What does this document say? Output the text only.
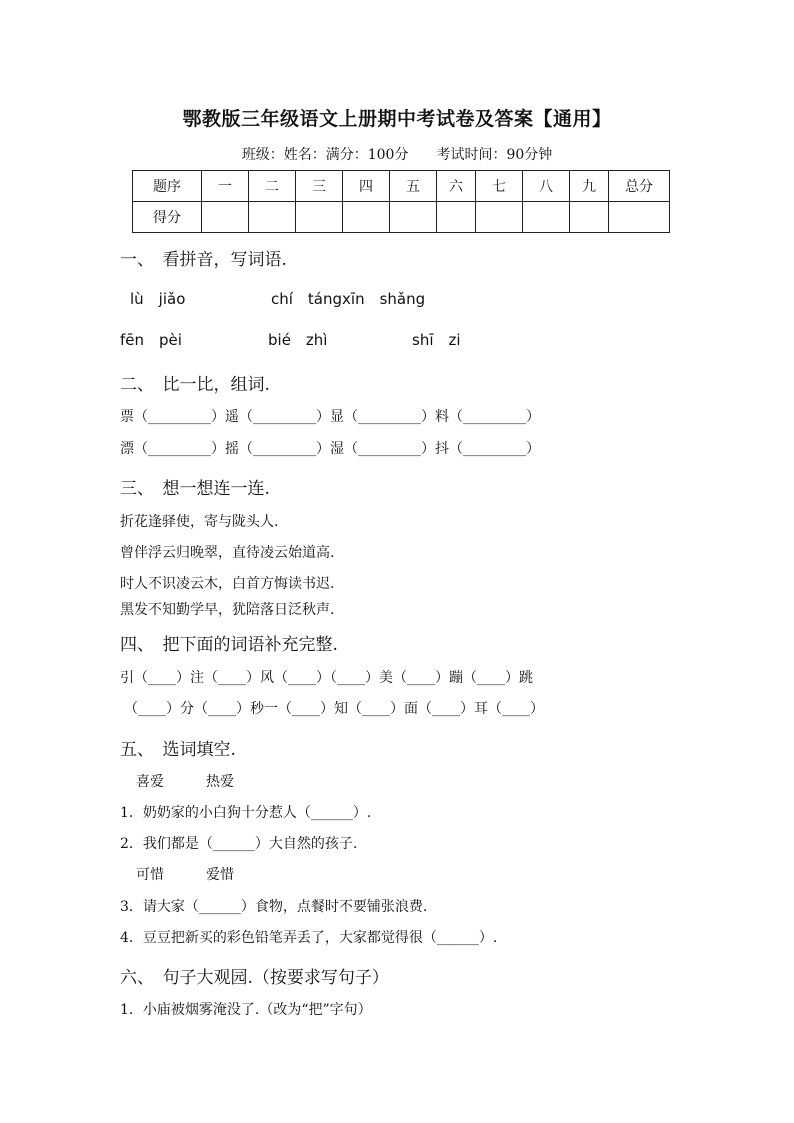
鄂教版三年级语文上册期中考试卷及答案【通用】
班级：姓名：满分：100分　　考试时间：90分钟
题序	一	二	三	四	五	六	七	八	九	总分
得分										
一、　看拼音，写词语.
lù　jiǎo	chí　tángxīn　shǎng
fēn　pèi	bié　zhì	shī　zi
二、　比一比，组词.
票（_________）遥（_________）显（_________）料（_________）
漂（_________）摇（_________）湿（_________）抖（_________）
三、　想一想连一连.
折花逢驿使，寄与陇头人.
曾伴浮云归晚翠，直待凌云始道高.
时人不识凌云木，白首方悔读书迟.
黑发不知勤学早，犹陪落日泛秋声.
四、　把下面的词语补充完整.
引（____）注（____）风（____）（____）美（____）蹦（____）跳
（____）分（____）秒一（____）知（____）面（____）耳（____）
五、　选词填空.
喜爱　　　热爱
1．奶奶家的小白狗十分惹人（______）.
2．我们都是（______）大自然的孩子.
可惜　　　爱惜
3．请大家（______）食物，点餐时不要铺张浪费.
4．豆豆把新买的彩色铅笔弄丢了，大家都觉得很（______）.
六、　句子大观园.（按要求写句子）
1．小庙被烟雾淹没了.（改为“把”字句）
